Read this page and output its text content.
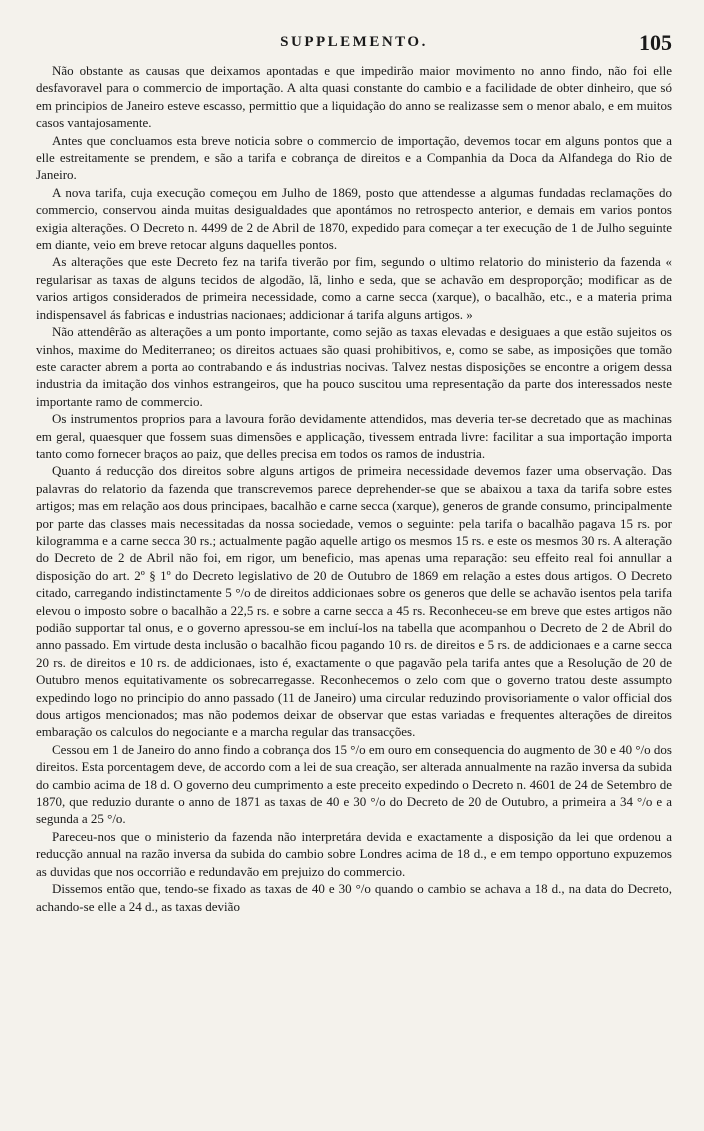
SUPPLEMENTO.	105

Não obstante as causas que deixamos apontadas e que impedirão maior movimento no anno findo, não foi elle desfavoravel para o commercio de importação. A alta quasi constante do cambio e a facilidade de obter dinheiro, que só em principios de Janeiro esteve escasso, permittio que a liquidação do anno se realizasse sem o menor abalo, e em muitos casos vantajosamente.

Antes que concluamos esta breve noticia sobre o commercio de importação, devemos tocar em alguns pontos que a elle estreitamente se prendem, e são a tarifa e cobrança de direitos e a Companhia da Doca da Alfandega do Rio de Janeiro.

A nova tarifa, cuja execução começou em Julho de 1869, posto que attendesse a algumas fundadas reclamações do commercio, conservou ainda muitas desigualdades que apontámos no retrospecto anterior, e demais em varios pontos exigia alterações. O Decreto n. 4499 de 2 de Abril de 1870, expedido para começar a ter execução de 1 de Julho seguinte em diante, veio em breve retocar alguns daquelles pontos.

As alterações que este Decreto fez na tarifa tiverão por fim, segundo o ultimo relatorio do ministerio da fazenda « regularisar as taxas de alguns tecidos de algodão, lã, linho e seda, que se achavão em desproporção; modificar as de varios artigos considerados de primeira necessidade, como a carne secca (xarque), o bacalhão, etc., e a materia prima indispensavel ás fabricas e industrias nacionaes; addicionar á tarifa alguns artigos. »

Não attendêrão as alterações a um ponto importante, como sejão as taxas elevadas e desiguaes a que estão sujeitos os vinhos, maxime do Mediterraneo; os direitos actuaes são quasi prohibitivos, e, como se sabe, as imposições que tomão este caracter abrem a porta ao contrabando e ás industrias nocivas. Talvez nestas disposições se encontre a origem dessa industria da imitação dos vinhos estrangeiros, que ha pouco suscitou uma representação da parte dos interessados neste importante ramo de commercio.

Os instrumentos proprios para a lavoura forão devidamente attendidos, mas deveria ter-se decretado que as machinas em geral, quaesquer que fossem suas dimensões e applicação, tivessem entrada livre: facilitar a sua importação importa tanto como fornecer braços ao paiz, que delles precisa em todos os ramos de industria.

Quanto á reducção dos direitos sobre alguns artigos de primeira necessidade devemos fazer uma observação. Das palavras do relatorio da fazenda que transcrevemos parece deprehender-se que se abaixou a taxa da tarifa sobre estes artigos; mas em relação aos dous principaes, bacalhão e carne secca (xarque), generos de grande consumo, principalmente por parte das classes mais necessitadas da nossa sociedade, vemos o seguinte: pela tarifa o bacalhão pagava 15 rs. por kilogramma e a carne secca 30 rs.; actualmente pagão aquelle artigo os mesmos 15 rs. e este os mesmos 30 rs. A alteração do Decreto de 2 de Abril não foi, em rigor, um beneficio, mas apenas uma reparação: seu effeito real foi annullar a disposição do art. 2º § 1º do Decreto legislativo de 20 de Outubro de 1869 em relação a estes dous artigos. O Decreto citado, carregando indistinctamente 5 °/o de direitos addicionaes sobre os generos que delle se achavão isentos pela tarifa elevou o imposto sobre o bacalhão a 22,5 rs. e sobre a carne secca a 45 rs. Reconheceu-se em breve que estes artigos não podião supportar tal onus, e o governo apressou-se em incluí-los na tabella que acompanhou o Decreto de 2 de Abril do anno passado. Em virtude desta inclusão o bacalhão ficou pagando 10 rs. de direitos e 5 rs. de addicionaes e a carne secca 20 rs. de direitos e 10 rs. de addicionaes, isto é, exactamente o que pagavão pela tarifa antes que a Resolução de 20 de Outubro menos equitativamente os sobrecarregasse. Reconhecemos o zelo com que o governo tratou deste assumpto expedindo logo no principio do anno passado (11 de Janeiro) uma circular reduzindo provisoriamente o valor official dos dous artigos mencionados; mas não podemos deixar de observar que estas variadas e frequentes alterações de direitos embaração os calculos do negociante e a marcha regular das transacções.

Cessou em 1 de Janeiro do anno findo a cobrança dos 15 °/o em ouro em consequencia do augmento de 30 e 40 °/o dos direitos. Esta porcentagem deve, de accordo com a lei de sua creação, ser alterada annualmente na razão inversa da subida do cambio acima de 18 d. O governo deu cumprimento a este preceito expedindo o Decreto n. 4601 de 24 de Setembro de 1870, que reduzio durante o anno de 1871 as taxas de 40 e 30 °/o do Decreto de 20 de Outubro, a primeira a 34 °/o e a segunda a 25 °/o.

Pareceu-nos que o ministerio da fazenda não interpretára devida e exactamente a disposição da lei que ordenou a reducção annual na razão inversa da subida do cambio sobre Londres acima de 18 d., e em tempo opportuno expuzemos as duvidas que nos occorrião e redundavão em prejuizo do commercio.

Dissemos então que, tendo-se fixado as taxas de 40 e 30 °/o quando o cambio se achava a 18 d., na data do Decreto, achando-se elle a 24 d., as taxas devião
